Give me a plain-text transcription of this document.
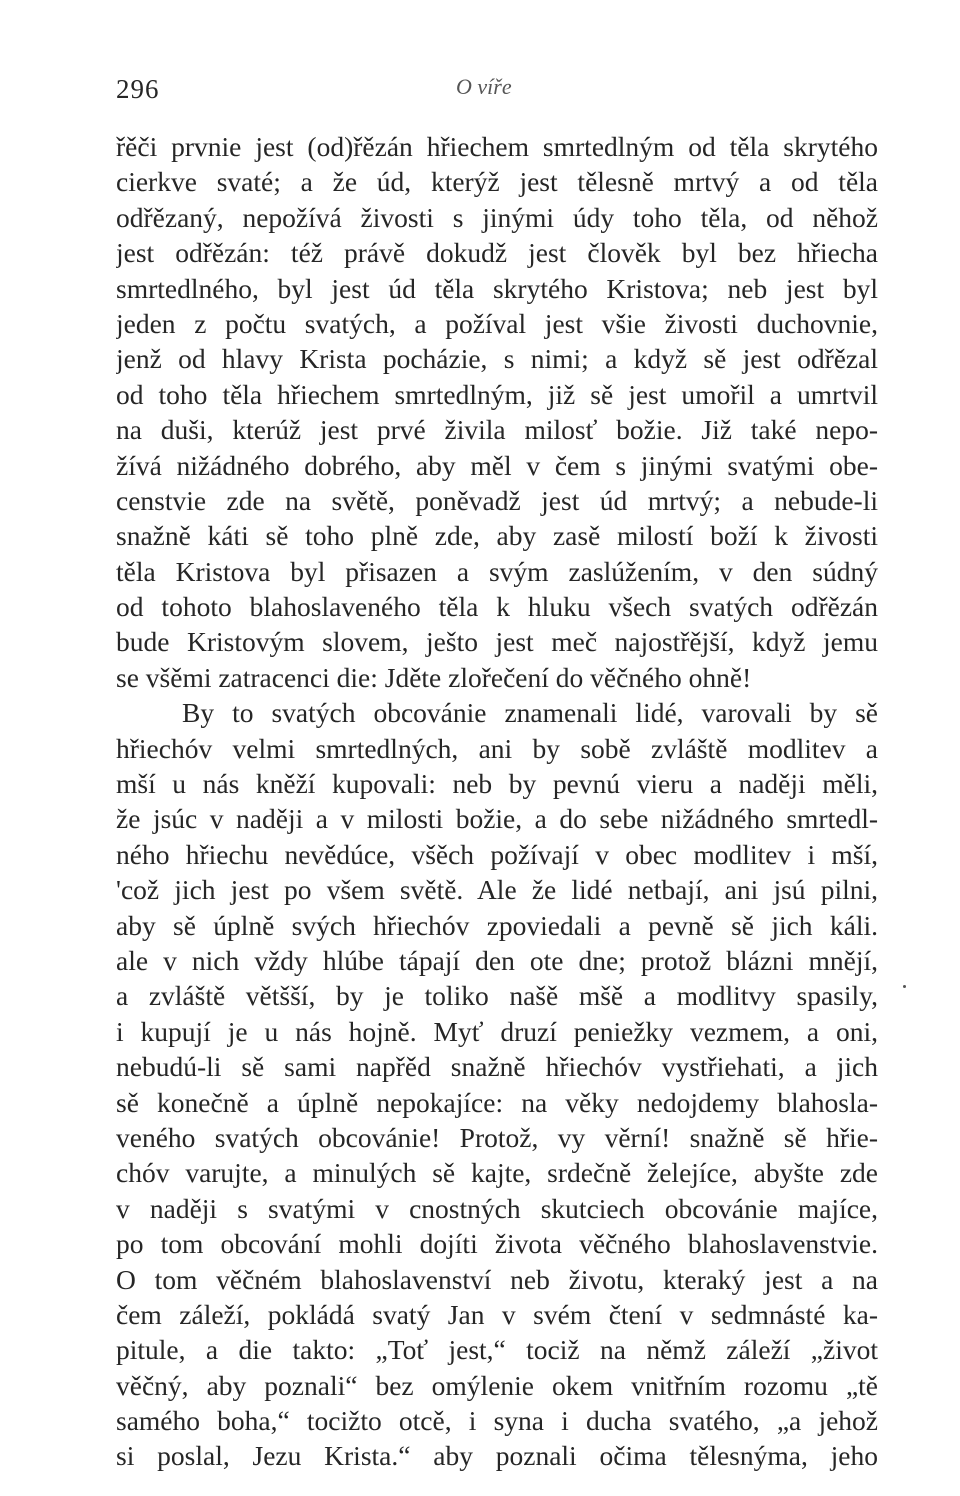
296	O víře
řěči prvnie jest (od)řězán hřiechem smrtedlným od těla skrytého
cierkve svaté; a že úd, kterýž jest tělesně mrtvý a od těla
odřězaný, nepožívá živosti s jinými údy toho těla, od něhož
jest odřězán: též právě dokudž jest člověk byl bez hřiecha
smrtedlného, byl jest úd těla skrytého Kristova; neb jest byl
jeden z počtu svatých, a požíval jest všie živosti duchovnie,
jenž od hlavy Krista pocházie, s nimi; a když sě jest odřězal
od toho těla hřiechem smrtedlným, již sě jest umořil a umrtvil
na duši, kterúž jest prvé živila milosť božie. Již také nepo-
žívá nižádného dobrého, aby měl v čem s jinými svatými obe-
censtvie zde na světě, poněvadž jest úd mrtvý; a nebude-li
snažně káti sě toho plně zde, aby zasě milostí boží k živosti
těla Kristova byl přisazen a svým zaslúžením, v den súdný
od tohoto blahoslaveného těla k hluku všech svatých odřězán
bude Kristovým slovem, ješto jest meč najostřější, když jemu
se všěmi zatracenci die: Jděte zlořečení do věčného ohně!
By to svatých obcovánie znamenali lidé, varovali by sě
hřiechóv velmi smrtedlných, ani by sobě zvláště modlitev a
mší u nás kněží kupovali: neb by pevnú vieru a naději měli,
že jsúc v naději a v milosti božie, a do sebe nižádného smrtedl-
ného hřiechu nevědúce, všěch požívají v obec modlitev i mší,
'což jich jest po všem světě. Ale že lidé netbají, ani jsú pilni,
aby sě úplně svých hřiechóv zpoviedali a pevně sě jich káli.
ale v nich vždy hlúbe tápají den ote dne; protož blázni mnějí,
a zvláště většší, by je toliko našě mšě a modlitvy spasily,
i kupují je u nás hojně. Myť druzí peniežky vezmem, a oni,
nebudú-li sě sami napřěd snažně hřiechóv vystřiehati, a jich
sě konečně a úplně nepokajíce: na věky nedojdemy blahosla-
veného svatých obcovánie! Protož, vy věrní! snažně sě hřie-
chóv varujte, a minulých sě kajte, srdečně želejíce, abyšte zde
v naději s svatými v cnostných skutciech obcovánie majíce,
po tom obcování mohli dojíti života věčného blahoslavenstvie.
O tom věčném blahoslavenství neb životu, kteraký jest a na
čem záleží, pokládá svatý Jan v svém čtení v sedmnásté ka-
pitule, a die takto: „Toť jest,“ tociž na němž záleží „život
věčný, aby poznali“ bez omýlenie okem vnitřním rozomu „tě
samého boha,“ tocižto otcě, i syna i ducha svatého, „a jehož
si poslal, Jezu Krista.“ aby poznali očima tělesnýma, jeho
